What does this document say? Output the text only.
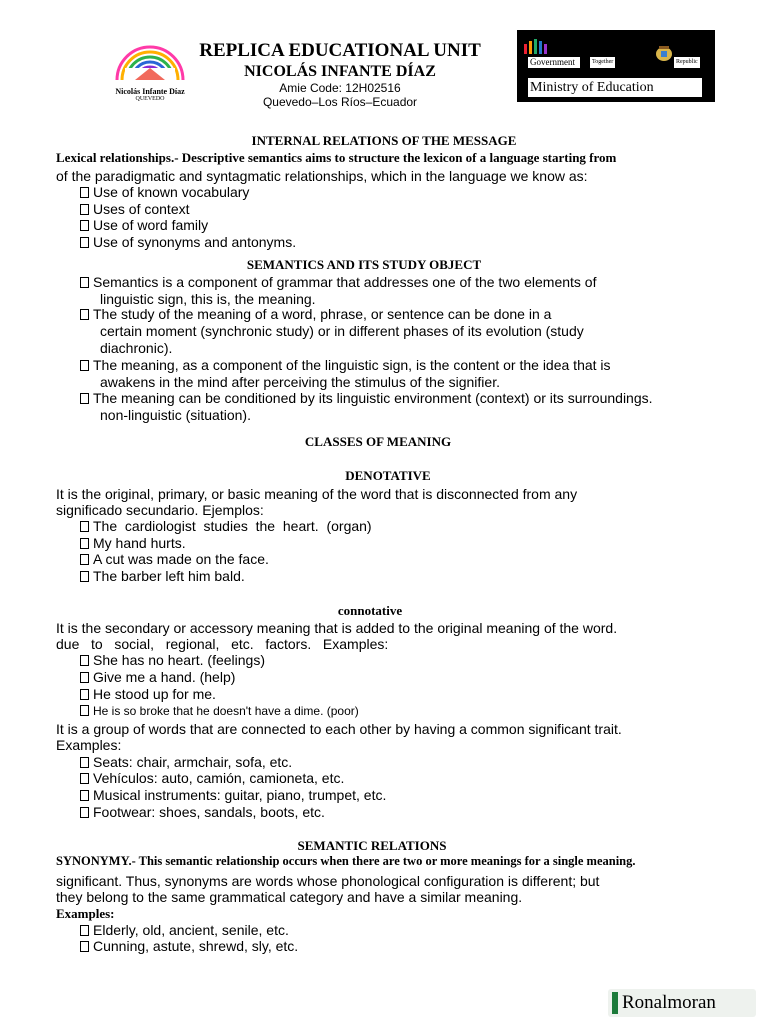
Nicolás Infante Díaz
QUEVEDO
REPLICA EDUCATIONAL UNIT
NICOLÁS INFANTE DÍAZ
Amie Code: 12H02516
Quevedo–Los Ríos–Ecuador
Government	Together	Republic
Ministry of Education
INTERNAL RELATIONS OF THE MESSAGE
Lexical relationships.- Descriptive semantics aims to structure the lexicon of a language starting from
of the paradigmatic and syntagmatic relationships, which in the language we know as:
Use of known vocabulary
Uses of context
Use of word family
Use of synonyms and antonyms.
SEMANTICS AND ITS STUDY OBJECT
Semantics is a component of grammar that addresses one of the two elements of
linguistic sign, this is, the meaning.
The study of the meaning of a word, phrase, or sentence can be done in a
certain moment (synchronic study) or in different phases of its evolution (study
diachronic).
The meaning, as a component of the linguistic sign, is the content or the idea that is
awakens in the mind after perceiving the stimulus of the signifier.
The meaning can be conditioned by its linguistic environment (context) or its surroundings.
non-linguistic (situation).
CLASSES OF MEANING
DENOTATIVE
It is the original, primary, or basic meaning of the word that is disconnected from any
significado secundario. Ejemplos:
The  cardiologist  studies  the  heart.  (organ)
My hand hurts.
A cut was made on the face.
The barber left him bald.
connotative
It is the secondary or accessory meaning that is added to the original meaning of the word.
due   to   social,   regional,   etc.   factors.   Examples:
She has no heart. (feelings)
Give me a hand. (help)
He stood up for me.
He is so broke that he doesn't have a dime. (poor)
It is a group of words that are connected to each other by having a common significant trait.
Examples:
Seats: chair, armchair, sofa, etc.
Vehículos: auto, camión, camioneta, etc.
Musical instruments: guitar, piano, trumpet, etc.
Footwear: shoes, sandals, boots, etc.
SEMANTIC RELATIONS
SYNONYMY.- This semantic relationship occurs when there are two or more meanings for a single meaning.
significant. Thus, synonyms are words whose phonological configuration is different; but
they belong to the same grammatical category and have a similar meaning.
Examples:
Elderly, old, ancient, senile, etc.
Cunning, astute, shrewd, sly, etc.
Ronalmoran
